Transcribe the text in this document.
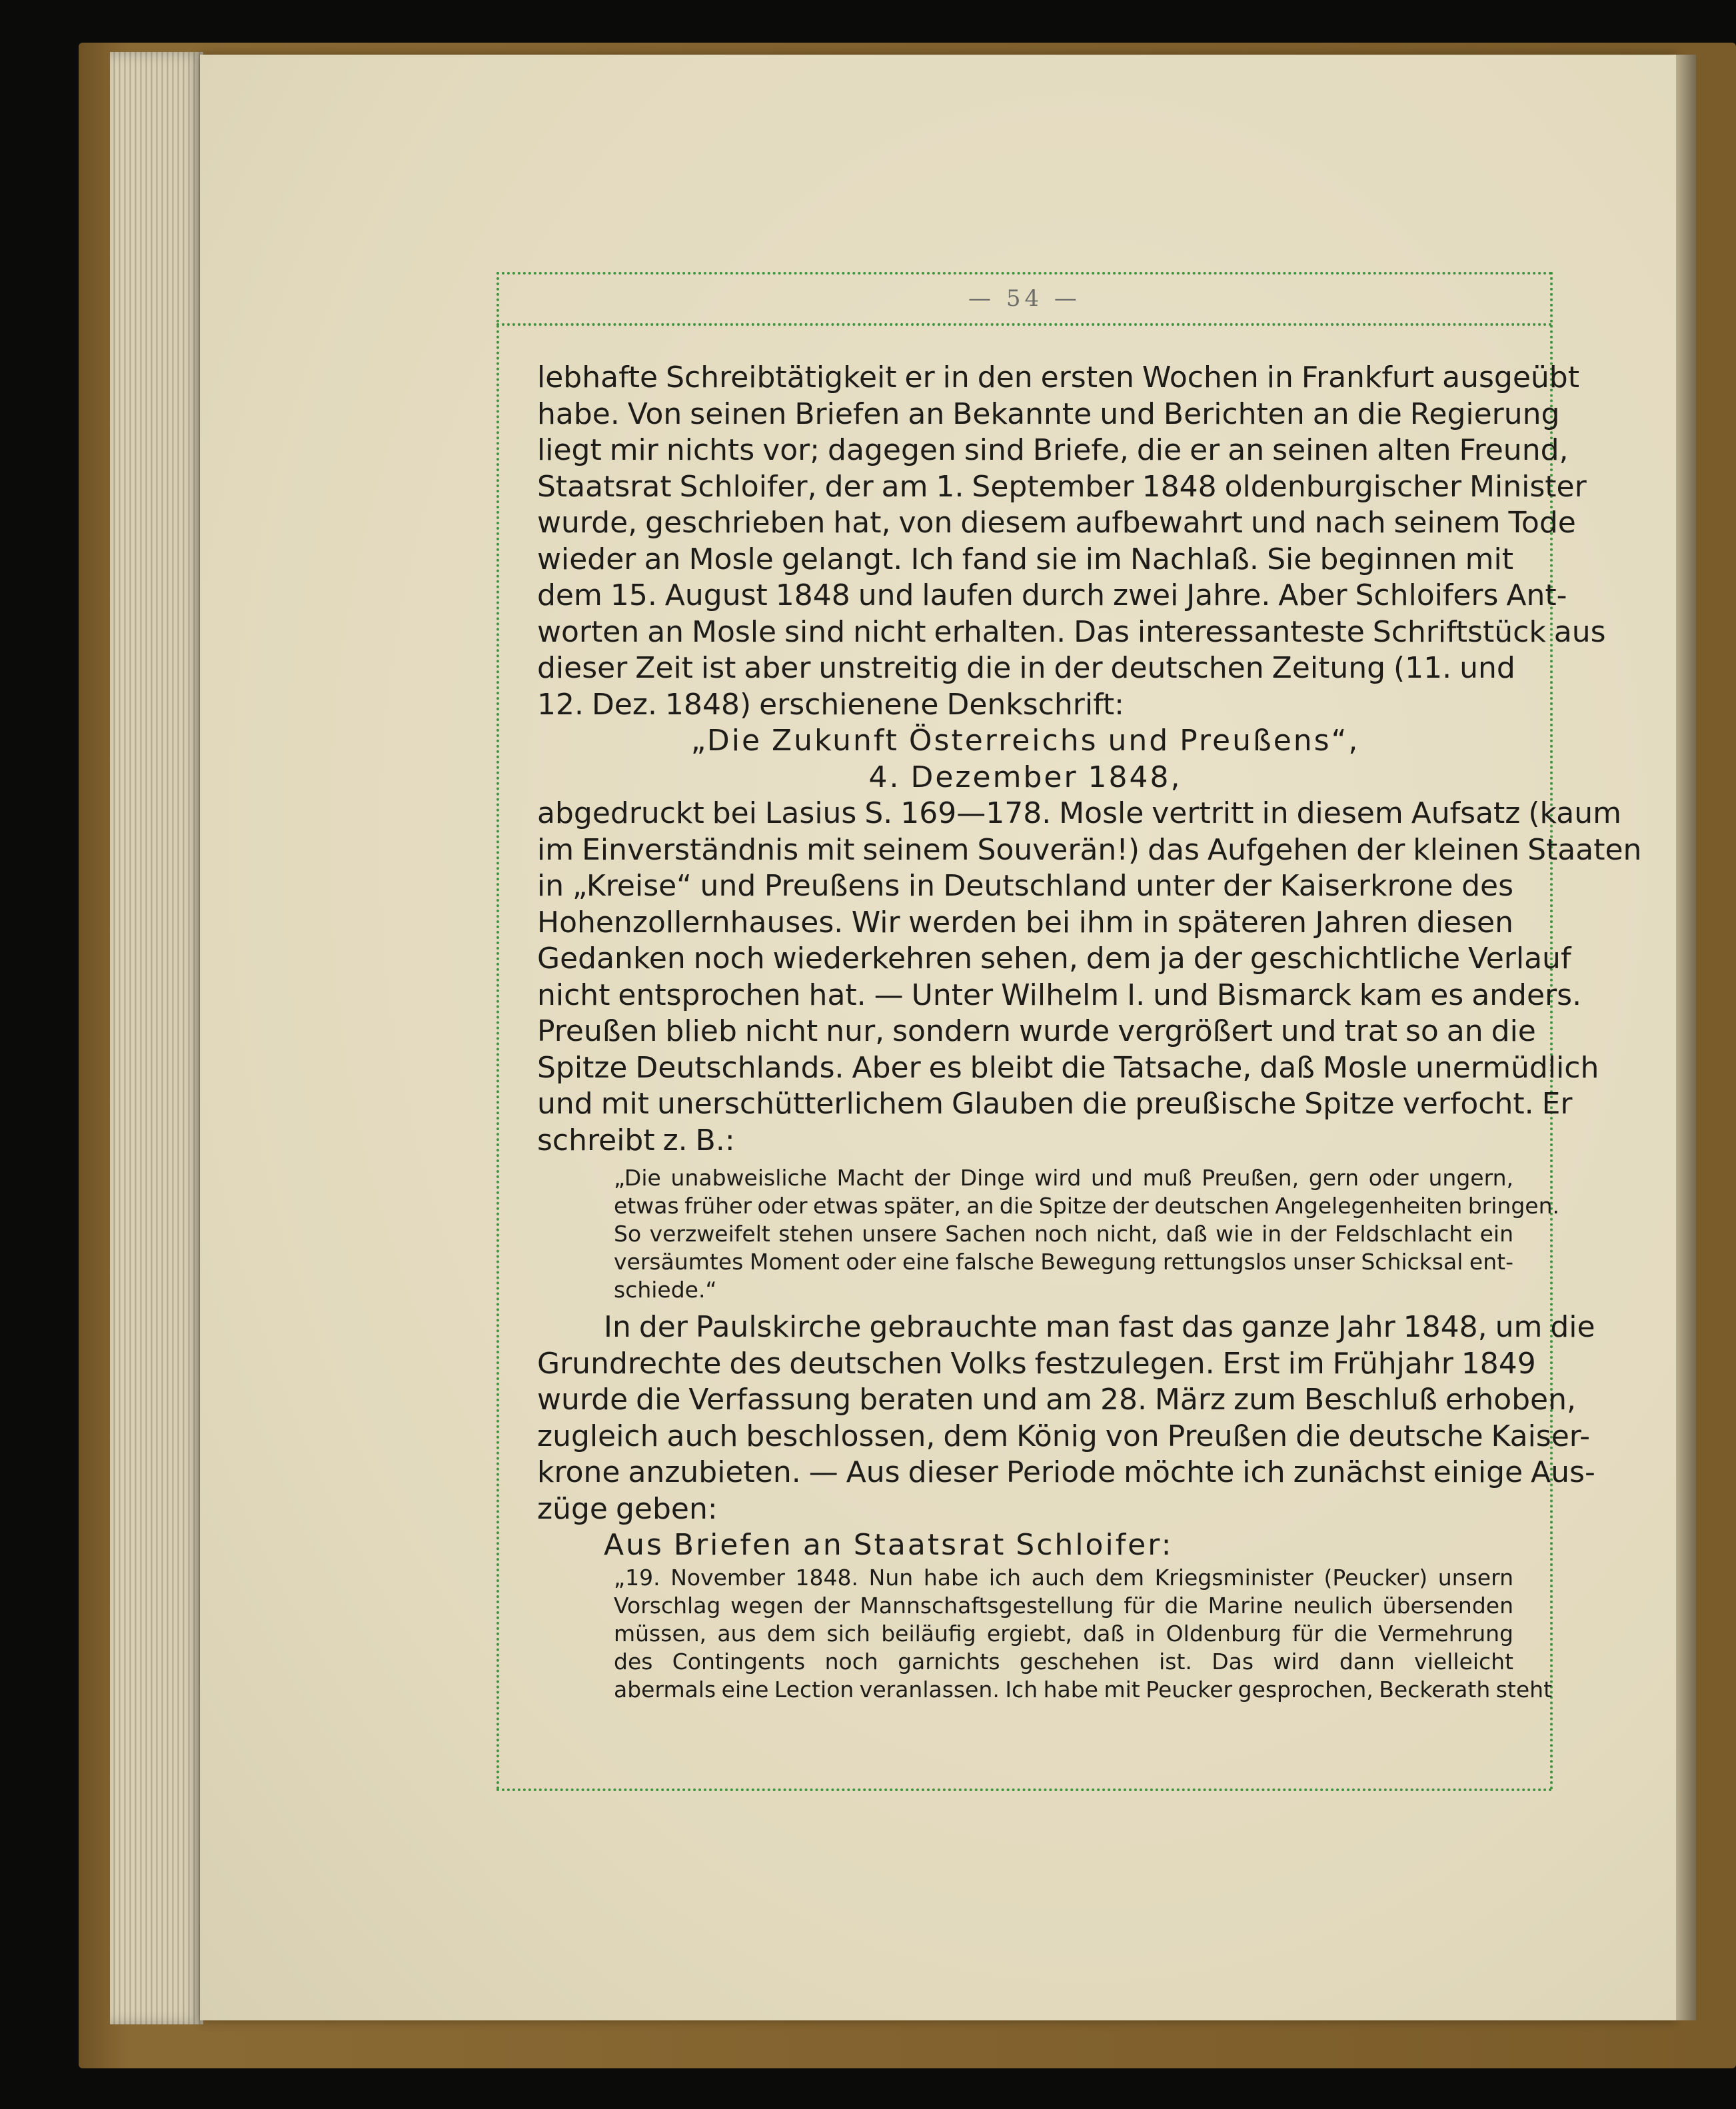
— 54 —
lebhafte Schreibtätigkeit er in den ersten Wochen in Frankfurt ausgeübt
habe. Von seinen Briefen an Bekannte und Berichten an die Regierung
liegt mir nichts vor; dagegen sind Briefe, die er an seinen alten Freund,
Staatsrat Schloifer, der am 1. September 1848 oldenburgischer Minister
wurde, geschrieben hat, von diesem aufbewahrt und nach seinem Tode
wieder an Mosle gelangt. Ich fand sie im Nachlaß. Sie beginnen mit
dem 15. August 1848 und laufen durch zwei Jahre. Aber Schloifers Ant-
worten an Mosle sind nicht erhalten. Das interessanteste Schriftstück aus
dieser Zeit ist aber unstreitig die in der deutschen Zeitung (11. und
12. Dez. 1848) erschienene Denkschrift:
„Die Zukunft Österreichs und Preußens“,
4. Dezember 1848,
abgedruckt bei Lasius S. 169—178. Mosle vertritt in diesem Aufsatz (kaum
im Einverständnis mit seinem Souverän!) das Aufgehen der kleinen Staaten
in „Kreise“ und Preußens in Deutschland unter der Kaiserkrone des
Hohenzollernhauses. Wir werden bei ihm in späteren Jahren diesen
Gedanken noch wiederkehren sehen, dem ja der geschichtliche Verlauf
nicht entsprochen hat. — Unter Wilhelm I. und Bismarck kam es anders.
Preußen blieb nicht nur, sondern wurde vergrößert und trat so an die
Spitze Deutschlands. Aber es bleibt die Tatsache, daß Mosle unermüdlich
und mit unerschütterlichem Glauben die preußische Spitze verfocht. Er
schreibt z. B.:
„Die unabweisliche Macht der Dinge wird und muß Preußen, gern oder ungern,
etwas früher oder etwas später, an die Spitze der deutschen Angelegenheiten bringen.
So verzweifelt stehen unsere Sachen noch nicht, daß wie in der Feldschlacht ein
versäumtes Moment oder eine falsche Bewegung rettungslos unser Schicksal ent-
schiede.“
In der Paulskirche gebrauchte man fast das ganze Jahr 1848, um die
Grundrechte des deutschen Volks festzulegen. Erst im Frühjahr 1849
wurde die Verfassung beraten und am 28. März zum Beschluß erhoben,
zugleich auch beschlossen, dem König von Preußen die deutsche Kaiser-
krone anzubieten. — Aus dieser Periode möchte ich zunächst einige Aus-
züge geben:
Aus Briefen an Staatsrat Schloifer:
„19. November 1848. Nun habe ich auch dem Kriegsminister (Peucker) unsern
Vorschlag wegen der Mannschaftsgestellung für die Marine neulich übersenden
müssen, aus dem sich beiläufig ergiebt, daß in Oldenburg für die Vermehrung
des Contingents noch garnichts geschehen ist. Das wird dann vielleicht
abermals eine Lection veranlassen. Ich habe mit Peucker gesprochen, Beckerath steht
